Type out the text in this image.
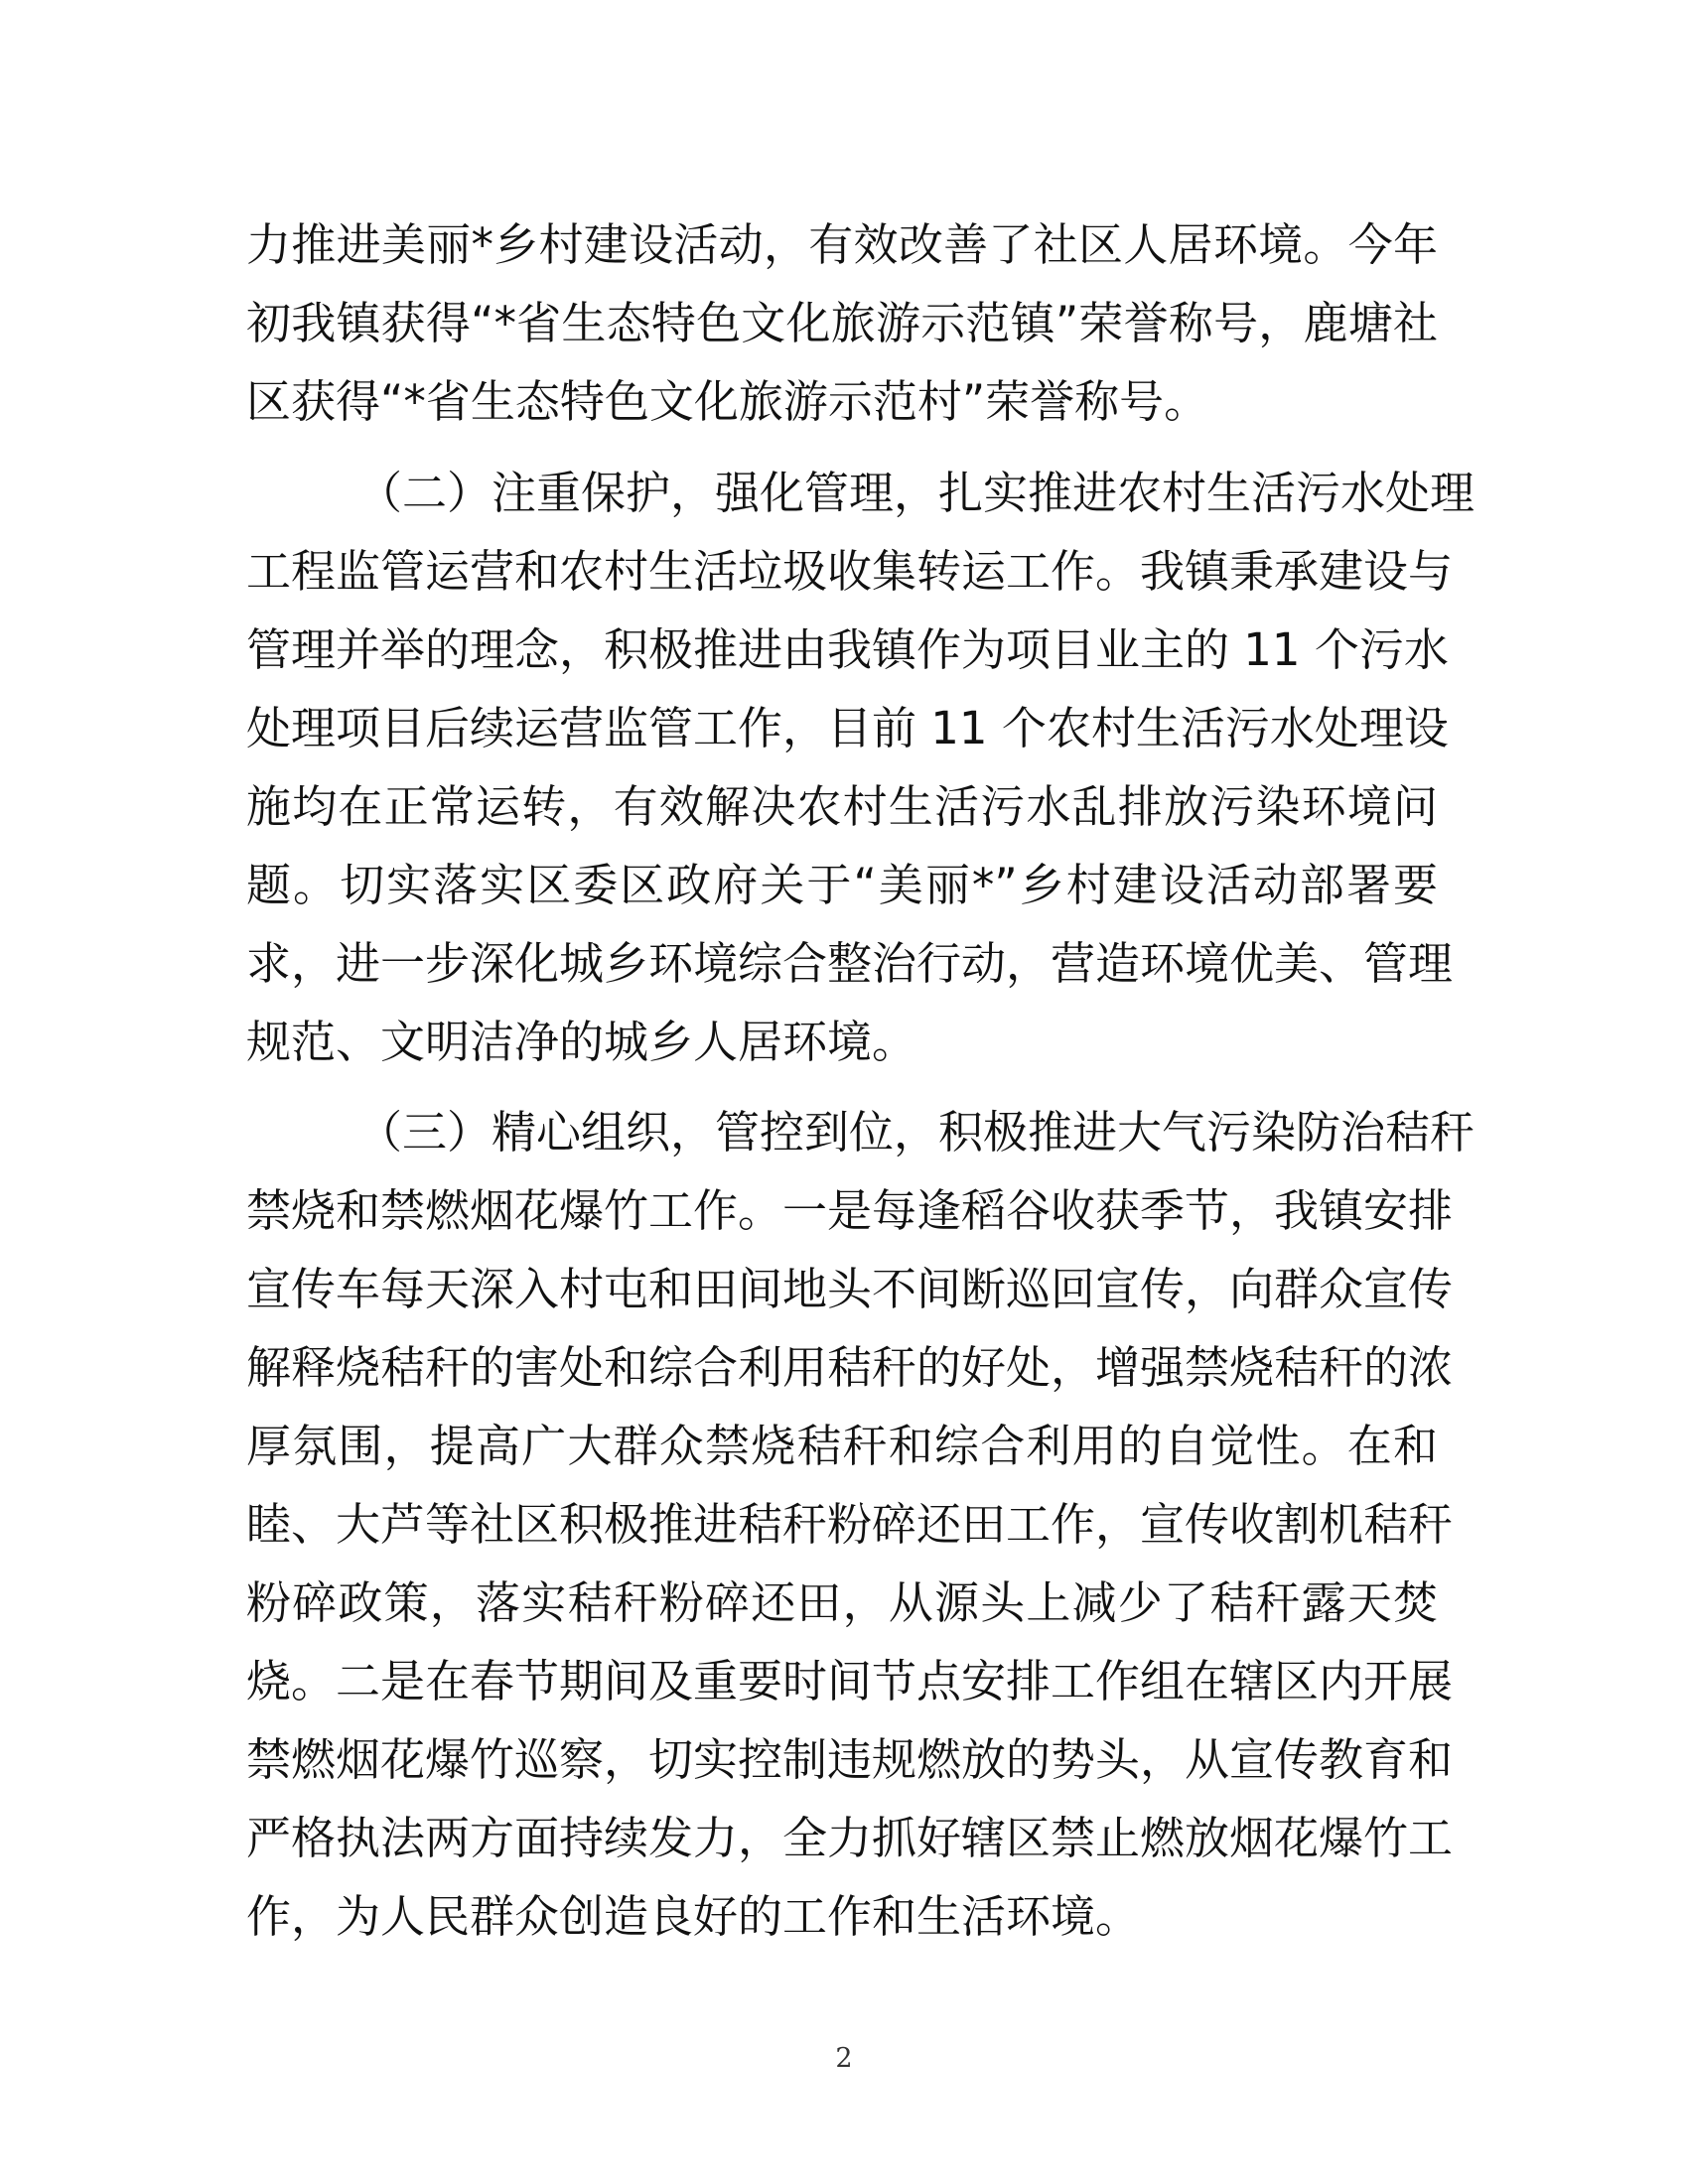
力推进美丽*乡村建设活动，有效改善了社区人居环境。今年
初我镇获得“*省生态特色文化旅游示范镇”荣誉称号，鹿塘社
区获得“*省生态特色文化旅游示范村”荣誉称号。
（二）注重保护，强化管理，扎实推进农村生活污水处理
工程监管运营和农村生活垃圾收集转运工作。我镇秉承建设与
管理并举的理念，积极推进由我镇作为项目业主的 11 个污水
处理项目后续运营监管工作，目前 11 个农村生活污水处理设
施均在正常运转，有效解决农村生活污水乱排放污染环境问
题。切实落实区委区政府关于“美丽*”乡村建设活动部署要
求，进一步深化城乡环境综合整治行动，营造环境优美、管理
规范、文明洁净的城乡人居环境。
（三）精心组织，管控到位，积极推进大气污染防治秸秆
禁烧和禁燃烟花爆竹工作。一是每逢稻谷收获季节，我镇安排
宣传车每天深入村屯和田间地头不间断巡回宣传，向群众宣传
解释烧秸秆的害处和综合利用秸秆的好处，增强禁烧秸秆的浓
厚氛围，提高广大群众禁烧秸秆和综合利用的自觉性。在和
睦、大芦等社区积极推进秸秆粉碎还田工作，宣传收割机秸秆
粉碎政策，落实秸秆粉碎还田，从源头上减少了秸秆露天焚
烧。二是在春节期间及重要时间节点安排工作组在辖区内开展
禁燃烟花爆竹巡察，切实控制违规燃放的势头，从宣传教育和
严格执法两方面持续发力，全力抓好辖区禁止燃放烟花爆竹工
作，为人民群众创造良好的工作和生活环境。
2
